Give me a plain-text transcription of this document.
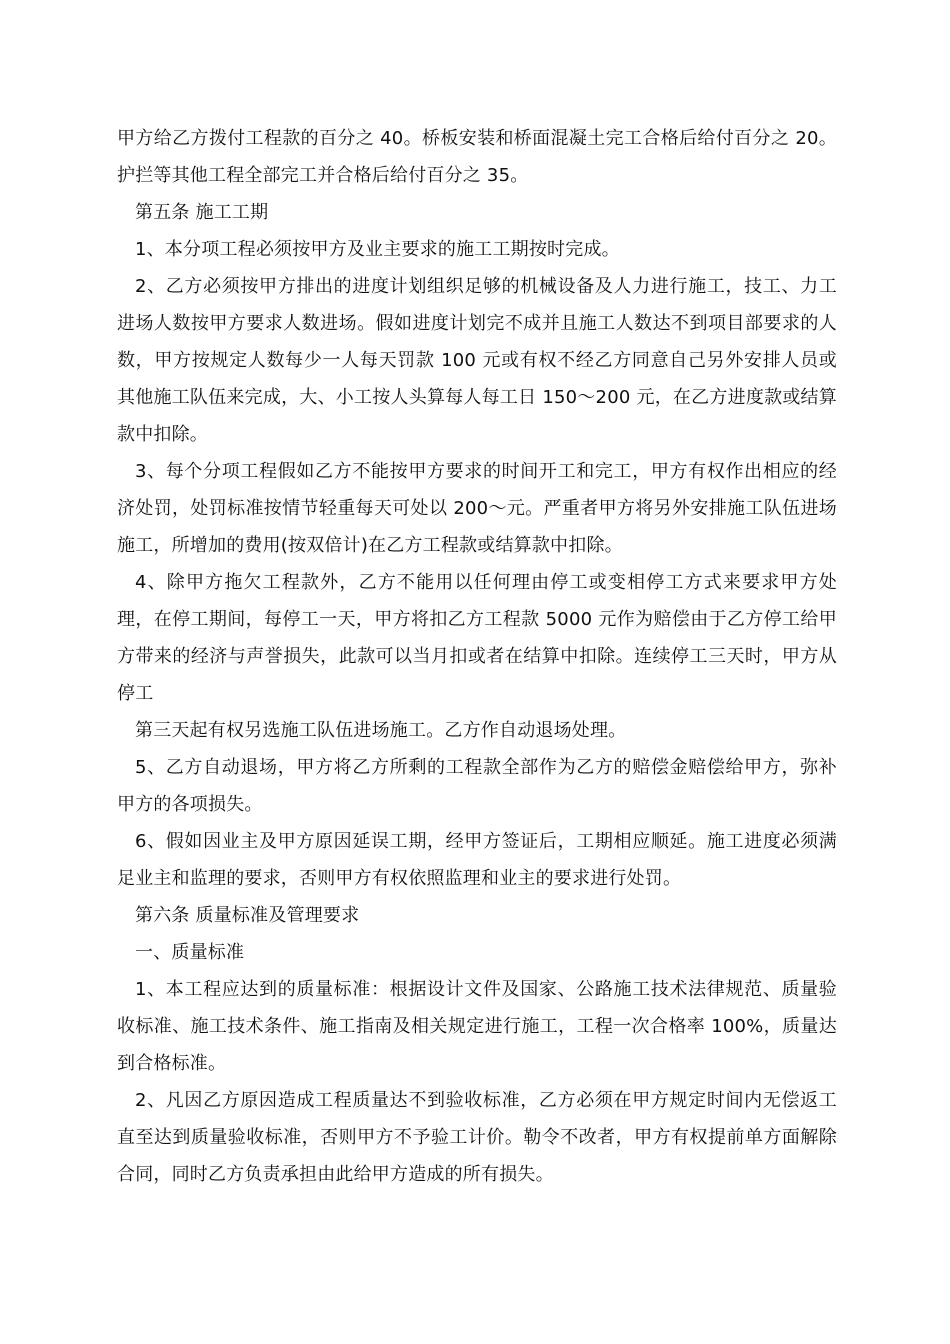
甲方给乙方拨付工程款的百分之 40。桥板安装和桥面混凝土完工合格后给付百分之 20。护拦等其他工程全部完工并合格后给付百分之 35。

第五条 施工工期

1、本分项工程必须按甲方及业主要求的施工工期按时完成。

2、乙方必须按甲方排出的进度计划组织足够的机械设备及人力进行施工，技工、力工进场人数按甲方要求人数进场。假如进度计划完不成并且施工人数达不到项目部要求的人数，甲方按规定人数每少一人每天罚款 100 元或有权不经乙方同意自己另外安排人员或其他施工队伍来完成，大、小工按人头算每人每工日 150～200 元，在乙方进度款或结算款中扣除。

3、每个分项工程假如乙方不能按甲方要求的时间开工和完工，甲方有权作出相应的经济处罚，处罚标准按情节轻重每天可处以 200～元。严重者甲方将另外安排施工队伍进场施工，所增加的费用(按双倍计)在乙方工程款或结算款中扣除。

4、除甲方拖欠工程款外，乙方不能用以任何理由停工或变相停工方式来要求甲方处理，在停工期间，每停工一天，甲方将扣乙方工程款 5000 元作为赔偿由于乙方停工给甲方带来的经济与声誉损失，此款可以当月扣或者在结算中扣除。连续停工三天时，甲方从停工

第三天起有权另选施工队伍进场施工。乙方作自动退场处理。

5、乙方自动退场，甲方将乙方所剩的工程款全部作为乙方的赔偿金赔偿给甲方，弥补甲方的各项损失。

6、假如因业主及甲方原因延误工期，经甲方签证后，工期相应顺延。施工进度必须满足业主和监理的要求，否则甲方有权依照监理和业主的要求进行处罚。

第六条 质量标准及管理要求

一、质量标准

1、本工程应达到的质量标准：根据设计文件及国家、公路施工技术法律规范、质量验收标准、施工技术条件、施工指南及相关规定进行施工，工程一次合格率 100%，质量达到合格标准。

2、凡因乙方原因造成工程质量达不到验收标准，乙方必须在甲方规定时间内无偿返工直至达到质量验收标准，否则甲方不予验工计价。勒令不改者，甲方有权提前单方面解除合同，同时乙方负责承担由此给甲方造成的所有损失。
